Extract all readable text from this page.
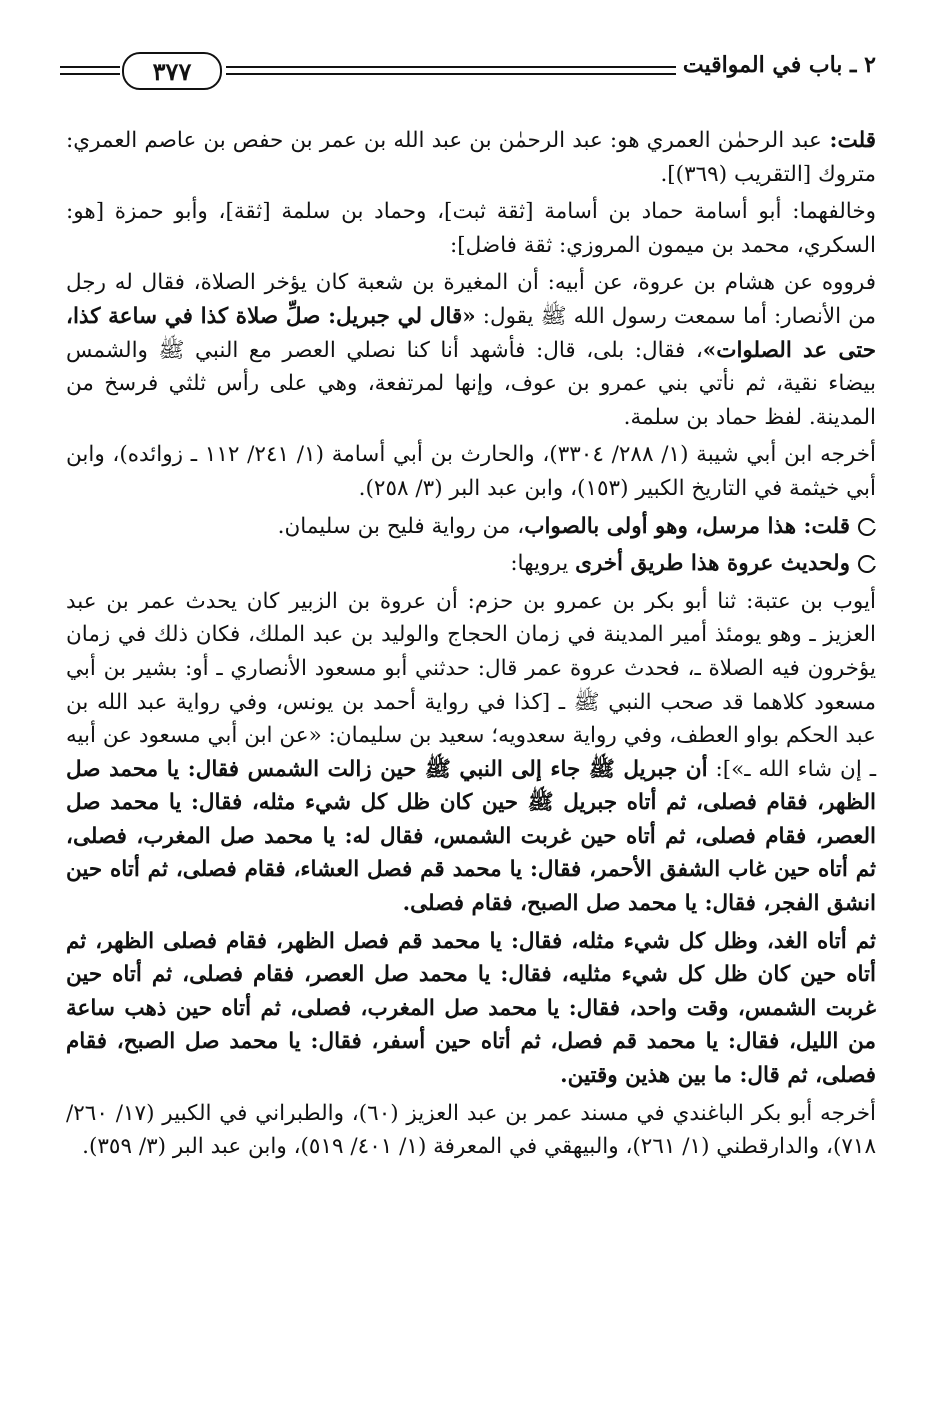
٣٧٧	٢ ـ باب في المواقيت

قلت: عبد الرحمٰن العمري هو: عبد الرحمٰن بن عبد الله بن عمر بن حفص بن عاصم العمري: متروك [التقريب (٣٦٩)].

وخالفهما: أبو أسامة حماد بن أسامة [ثقة ثبت]، وحماد بن سلمة [ثقة]، وأبو حمزة [هو: السكري، محمد بن ميمون المروزي: ثقة فاضل]:

فرووه عن هشام بن عروة، عن أبيه: أن المغيرة بن شعبة كان يؤخر الصلاة، فقال له رجل من الأنصار: أما سمعت رسول الله ﷺ يقول: «قال لي جبريل: صلِّ صلاة كذا في ساعة كذا، حتى عد الصلوات»، فقال: بلى، قال: فأشهد أنا كنا نصلي العصر مع النبي ﷺ والشمس بيضاء نقية، ثم نأتي بني عمرو بن عوف، وإنها لمرتفعة، وهي على رأس ثلثي فرسخ من المدينة. لفظ حماد بن سلمة.

أخرجه ابن أبي شيبة (١/ ٢٨٨/ ٣٣٠٤)، والحارث بن أبي أسامة (١/ ٢٤١/ ١١٢ ـ زوائده)، وابن أبي خيثمة في التاريخ الكبير (١٥٣)، وابن عبد البر (٣/ ٢٥٨).

قلت: هذا مرسل، وهو أولى بالصواب، من رواية فليح بن سليمان.

ولحديث عروة هذا طريق أخرى يرويها:

أيوب بن عتبة: ثنا أبو بكر بن عمرو بن حزم: أن عروة بن الزبير كان يحدث عمر بن عبد العزيز ـ وهو يومئذ أمير المدينة في زمان الحجاج والوليد بن عبد الملك، فكان ذلك في زمان يؤخرون فيه الصلاة ـ، فحدث عروة عمر قال: حدثني أبو مسعود الأنصاري ـ أو: بشير بن أبي مسعود كلاهما قد صحب النبي ﷺ ـ [كذا في رواية أحمد بن يونس، وفي رواية عبد الله بن عبد الحكم بواو العطف، وفي رواية سعدويه؛ سعيد بن سليمان: «عن ابن أبي مسعود عن أبيه ـ إن شاء الله ـ»]: أن جبريل ﷺ جاء إلى النبي ﷺ حين زالت الشمس فقال: يا محمد صل الظهر، فقام فصلى، ثم أتاه جبريل ﷺ حين كان ظل كل شيء مثله، فقال: يا محمد صل العصر، فقام فصلى، ثم أتاه حين غربت الشمس، فقال له: يا محمد صل المغرب، فصلى، ثم أتاه حين غاب الشفق الأحمر، فقال: يا محمد قم فصل العشاء، فقام فصلى، ثم أتاه حين انشق الفجر، فقال: يا محمد صل الصبح، فقام فصلى.

ثم أتاه الغد، وظل كل شيء مثله، فقال: يا محمد قم فصل الظهر، فقام فصلى الظهر، ثم أتاه حين كان ظل كل شيء مثليه، فقال: يا محمد صل العصر، فقام فصلى، ثم أتاه حين غربت الشمس، وقت واحد، فقال: يا محمد صل المغرب، فصلى، ثم أتاه حين ذهب ساعة من الليل، فقال: يا محمد قم فصل، ثم أتاه حين أسفر، فقال: يا محمد صل الصبح، فقام فصلى، ثم قال: ما بين هذين وقتين.

أخرجه أبو بكر الباغندي في مسند عمر بن عبد العزيز (٦٠)، والطبراني في الكبير (١٧/ ٢٦٠/ ٧١٨)، والدارقطني (١/ ٢٦١)، والبيهقي في المعرفة (١/ ٤٠١/ ٥١٩)، وابن عبد البر (٣/ ٣٥٩).
